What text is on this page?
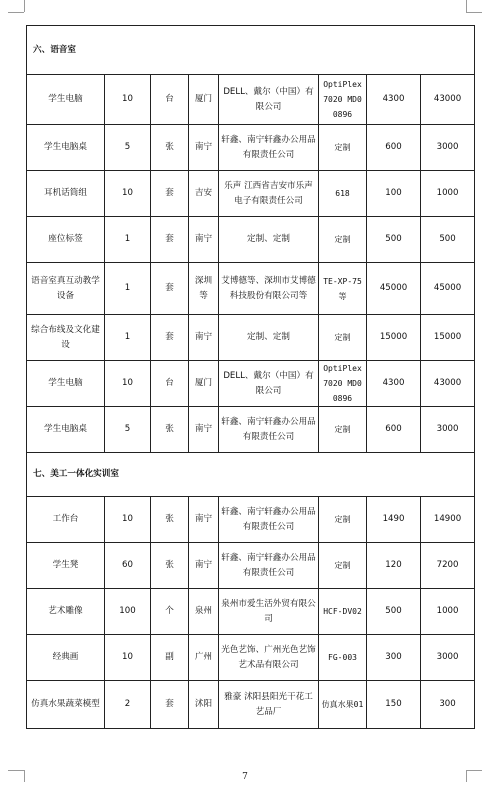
六、语音室							
学生电脑	10	台	厦门	DELL、戴尔（中国）有限公司	OptiPlex 7020 MD00896	4300	43000
学生电脑桌	5	张	南宁	轩鑫、南宁轩鑫办公用品有限责任公司	定制	600	3000
耳机话筒组	10	套	吉安	乐声 江西省吉安市乐声电子有限责任公司	618	100	1000
座位标签	1	套	南宁	定制、定制	定制	500	500
语音室真互动教学设备	1	套	深圳等	艾博德等、深圳市艾博德科技股份有限公司等	TE-XP-75等	45000	45000
综合布线及文化建设	1	套	南宁	定制、定制	定制	15000	15000
学生电脑	10	台	厦门	DELL、戴尔（中国）有限公司	OptiPlex 7020 MD00896	4300	43000
学生电脑桌	5	张	南宁	轩鑫、南宁轩鑫办公用品有限责任公司	定制	600	3000
七、美工一体化实训室							
工作台	10	张	南宁	轩鑫、南宁轩鑫办公用品有限责任公司	定制	1490	14900
学生凳	60	张	南宁	轩鑫、南宁轩鑫办公用品有限责任公司	定制	120	7200
艺术雕像	100	个	泉州	泉州市爱生活外贸有限公司	HCF-DV02	500	1000
经典画	10	副	广州	光色艺饰、广州光色艺饰艺术品有限公司	FG-003	300	3000
仿真水果蔬菜模型	2	套	沭阳	雅豪 沭阳县阳光干花工艺品厂	仿真水果01	150	300
7
